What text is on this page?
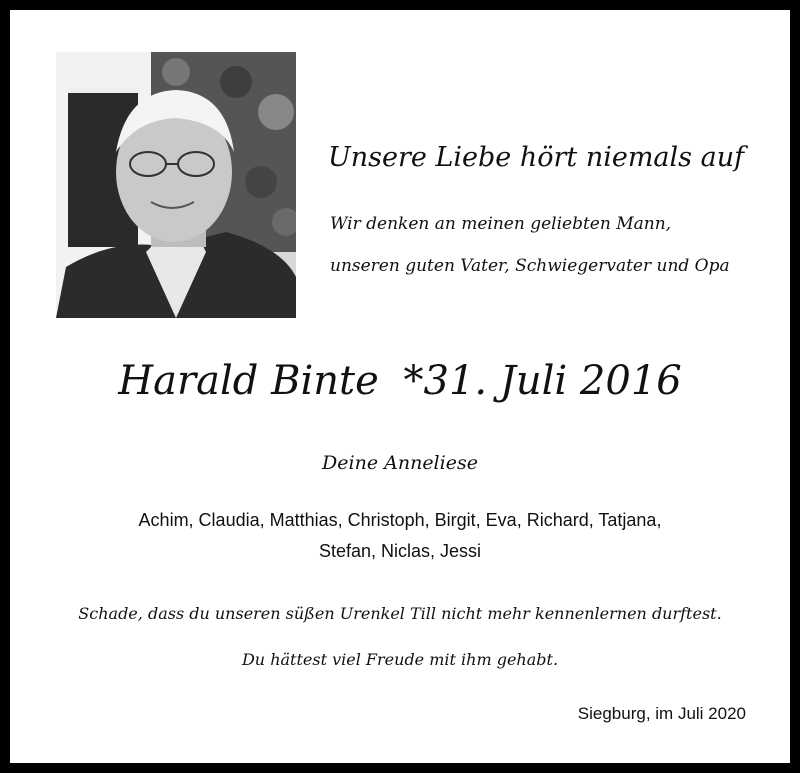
Unsere Liebe hört niemals auf
Wir denken an meinen geliebten Mann,
unseren guten Vater, Schwiegervater und Opa
Harald Binte *31. Juli 2016
Deine Anneliese
Achim, Claudia, Matthias, Christoph, Birgit, Eva, Richard, Tatjana,
Stefan, Niclas, Jessi
Schade, dass du unseren süßen Urenkel Till nicht mehr kennenlernen durftest.
Du hättest viel Freude mit ihm gehabt.
Siegburg, im Juli 2020
